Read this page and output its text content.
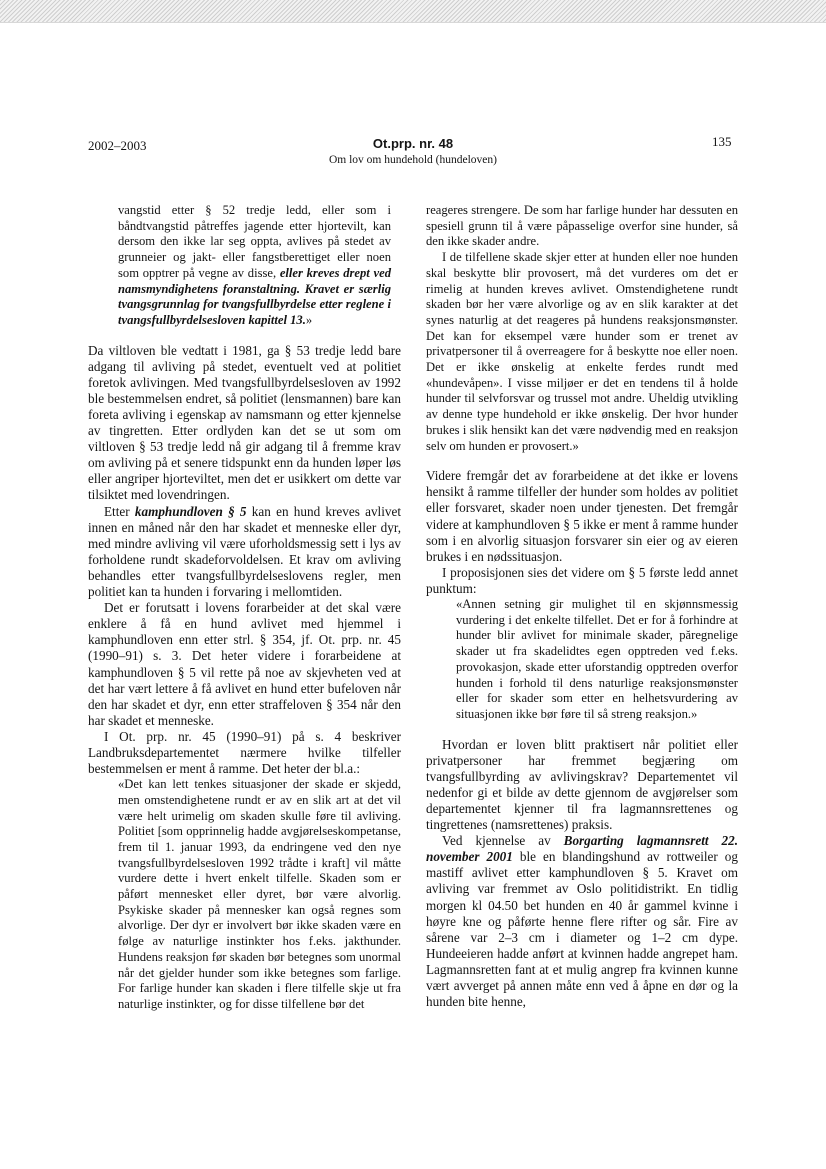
2002–2003	Ot.prp. nr. 48
Om lov om hundehold (hundeloven)
135

vangstid etter § 52 tredje ledd, eller som i båndtvangstid påtreffes jagende etter hjortevilt, kan dersom den ikke lar seg oppta, avlives på stedet av grunneier og jakt- eller fangstberettiget eller noen som opptrer på vegne av disse, eller kreves drept ved namsmyndighetens foranstaltning. Kravet er særlig tvangsgrunnlag for tvangsfullbyrdelse etter reglene i tvangsfullbyrdelsesloven kapittel 13.»

Da viltloven ble vedtatt i 1981, ga § 53 tredje ledd bare adgang til avliving på stedet, eventuelt ved at politiet foretok avlivingen. Med tvangsfullbyrdelsesloven av 1992 ble bestemmelsen endret, så politiet (lensmannen) bare kan foreta avliving i egenskap av namsmann og etter kjennelse av tingretten. Etter ordlyden kan det se ut som om viltloven § 53 tredje ledd nå gir adgang til å fremme krav om avliving på et senere tidspunkt enn da hunden løper løs eller angriper hjorteviltet, men det er usikkert om dette var tilsiktet med lovendringen.

Etter kamphundloven § 5 kan en hund kreves avlivet innen en måned når den har skadet et menneske eller dyr, med mindre avliving vil være uforholdsmessig sett i lys av forholdene rundt skadeforvoldelsen. Et krav om avliving behandles etter tvangsfullbyrdelseslovens regler, men politiet kan ta hunden i forvaring i mellomtiden.

Det er forutsatt i lovens forarbeider at det skal være enklere å få en hund avlivet med hjemmel i kamphundloven enn etter strl. § 354, jf. Ot. prp. nr. 45 (1990–91) s. 3. Det heter videre i forarbeidene at kamphundloven § 5 vil rette på noe av skjevheten ved at det har vært lettere å få avlivet en hund etter bufeloven når den har skadet et dyr, enn etter straffeloven § 354 når den har skadet et menneske.

I Ot. prp. nr. 45 (1990–91) på s. 4 beskriver Landbruksdepartementet nærmere hvilke tilfeller bestemmelsen er ment å ramme. Det heter der bl.a.:

«Det kan lett tenkes situasjoner der skade er skjedd, men omstendighetene rundt er av en slik art at det vil være helt urimelig om skaden skulle føre til avliving. Politiet [som opprinnelig hadde avgjørelseskompetanse, frem til 1. januar 1993, da endringene ved den nye tvangsfullbyrdelsesloven 1992 trådte i kraft] vil måtte vurdere dette i hvert enkelt tilfelle. Skaden som er påført mennesket eller dyret, bør være alvorlig. Psykiske skader på mennesker kan også regnes som alvorlige. Der dyr er involvert bør ikke skaden være en følge av naturlige instinkter hos f.eks. jakthunder. Hundens reaksjon før skaden bør betegnes som unormal når det gjelder hunder som ikke betegnes som farlige. For farlige hunder kan skaden i flere tilfelle skje ut fra naturlige instinkter, og for disse tilfellene bør det

reageres strengere. De som har farlige hunder har dessuten en spesiell grunn til å være påpasselige overfor sine hunder, så den ikke skader andre.

I de tilfellene skade skjer etter at hunden eller noe hunden skal beskytte blir provosert, må det vurderes om det er rimelig at hunden kreves avlivet. Omstendighetene rundt skaden bør her være alvorlige og av en slik karakter at det synes naturlig at det reageres på hundens reaksjonsmønster. Det kan for eksempel være hunder som er trenet av privatpersoner til å overreagere for å beskytte noe eller noen. Det er ikke ønskelig at enkelte ferdes rundt med «hundevåpen». I visse miljøer er det en tendens til å holde hunder til selvforsvar og trussel mot andre. Uheldig utvikling av denne type hundehold er ikke ønskelig. Der hvor hunder brukes i slik hensikt kan det være nødvendig med en reaksjon selv om hunden er provosert.»

Videre fremgår det av forarbeidene at det ikke er lovens hensikt å ramme tilfeller der hunder som holdes av politiet eller forsvaret, skader noen under tjenesten. Det fremgår videre at kamphundloven § 5 ikke er ment å ramme hunder som i en alvorlig situasjon forsvarer sin eier og av eieren brukes i en nødssituasjon.

I proposisjonen sies det videre om § 5 første ledd annet punktum:

«Annen setning gir mulighet til en skjønnsmessig vurdering i det enkelte tilfellet. Det er for å forhindre at hunder blir avlivet for minimale skader, păregnelige skader ut fra skadelidtes egen opptreden ved f.eks. provokasjon, skade etter uforstandig opptreden overfor hunden i forhold til dens naturlige reaksjonsmønster eller for skader som etter en helhetsvurdering av situasjonen ikke bør føre til så streng reaksjon.»

Hvordan er loven blitt praktisert når politiet eller privatpersoner har fremmet begjæring om tvangsfullbyrding av avlivingskrav? Departementet vil nedenfor gi et bilde av dette gjennom de avgjørelser som departementet kjenner til fra lagmannsrettenes og tingrettenes (namsrettenes) praksis.

Ved kjennelse av Borgarting lagmannsrett 22. november 2001 ble en blandingshund av rottweiler og mastiff avlivet etter kamphundloven § 5. Kravet om avliving var fremmet av Oslo politidistrikt. En tidlig morgen kl 04.50 bet hunden en 40 år gammel kvinne i høyre kne og påførte henne flere rifter og sår. Fire av sårene var 2–3 cm i diameter og 1–2 cm dype. Hundeeieren hadde anført at kvinnen hadde angrepet ham. Lagmannsretten fant at et mulig angrep fra kvinnen kunne vært avverget på annen måte enn ved å åpne en dør og la hunden bite henne,
